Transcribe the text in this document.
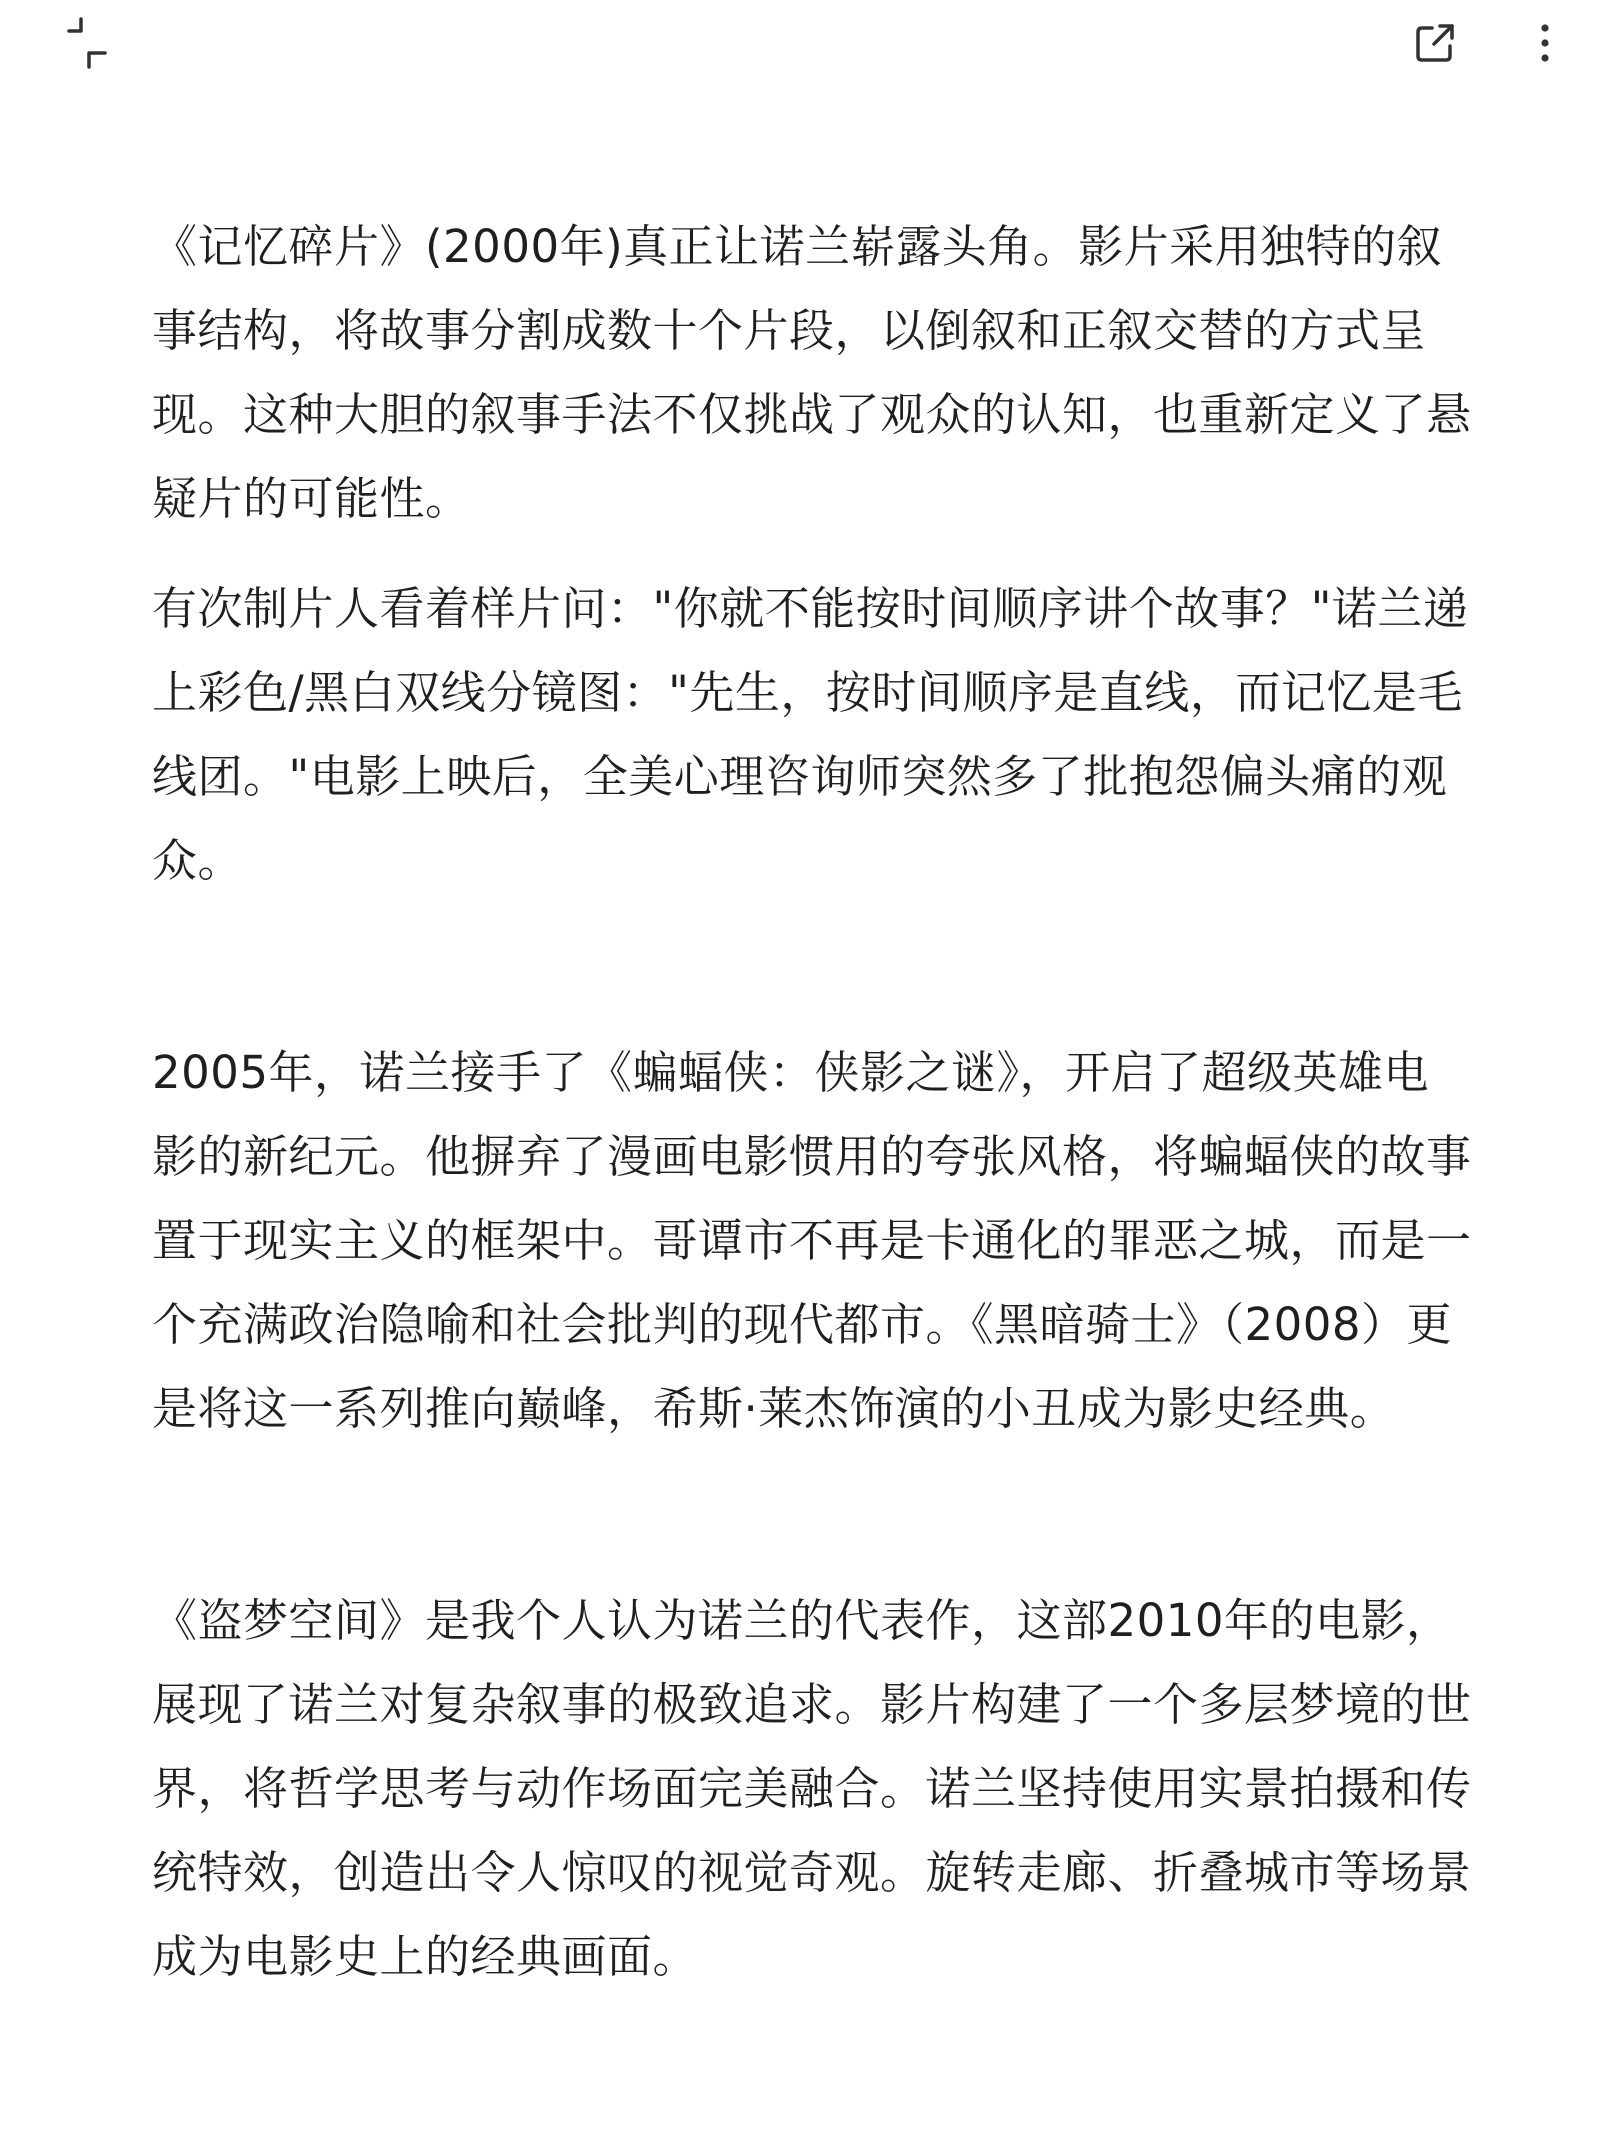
《记忆碎片》(2000年)真正让诺兰崭露头角。影片采用独特的叙事结构，将故事分割成数十个片段，以倒叙和正叙交替的方式呈现。这种大胆的叙事手法不仅挑战了观众的认知，也重新定义了悬疑片的可能性。

有次制片人看着样片问："你就不能按时间顺序讲个故事？"诺兰递上彩色/黑白双线分镜图："先生，按时间顺序是直线，而记忆是毛线团。"电影上映后，全美心理咨询师突然多了批抱怨偏头痛的观众。

2005年，诺兰接手了《蝙蝠侠：侠影之谜》，开启了超级英雄电影的新纪元。他摒弃了漫画电影惯用的夸张风格，将蝙蝠侠的故事置于现实主义的框架中。哥谭市不再是卡通化的罪恶之城，而是一个充满政治隐喻和社会批判的现代都市。《黑暗骑士》（2008）更是将这一系列推向巅峰，希斯·莱杰饰演的小丑成为影史经典。

《盗梦空间》是我个人认为诺兰的代表作，这部2010年的电影，展现了诺兰对复杂叙事的极致追求。影片构建了一个多层梦境的世界，将哲学思考与动作场面完美融合。诺兰坚持使用实景拍摄和传统特效，创造出令人惊叹的视觉奇观。旋转走廊、折叠城市等场景成为电影史上的经典画面。
